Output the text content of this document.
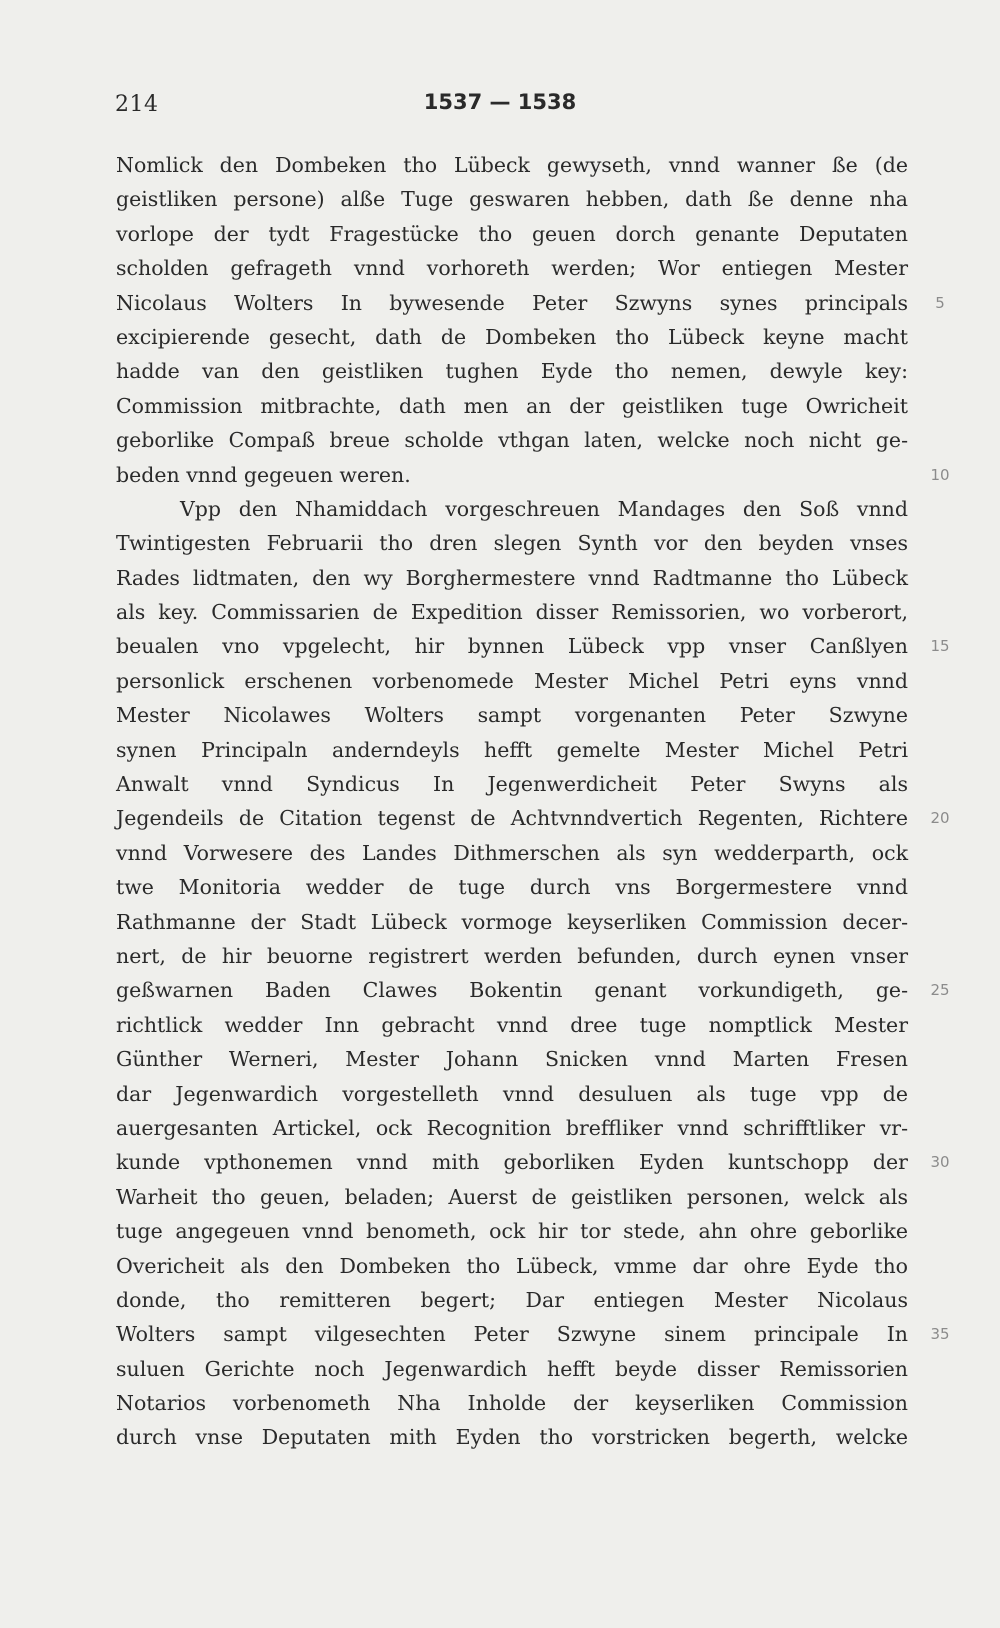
214	1537 — 1538
Nomlick den Dombeken tho Lübeck gewyseth, vnnd wanner ße (de
geistliken persone) alße Tuge geswaren hebben, dath ße denne nha
vorlope der tydt Fragestücke tho geuen dorch genante Deputaten
scholden gefrageth vnnd vorhoreth werden; Wor entiegen Mester
Nicolaus Wolters In bywesende Peter Szwyns synes principals	5
excipierende gesecht, dath de Dombeken tho Lübeck keyne macht
hadde van den geistliken tughen Eyde tho nemen, dewyle key:
Commission mitbrachte, dath men an der geistliken tuge Owricheit
geborlike Compaß breue scholde vthgan laten, welcke noch nicht ge-
beden vnnd gegeuen weren.	10
Vpp den Nhamiddach vorgeschreuen Mandages den Soß vnnd
Twintigesten Februarii tho dren slegen Synth vor den beyden vnses
Rades lidtmaten, den wy Borghermestere vnnd Radtmanne tho Lübeck
als key. Commissarien de Expedition disser Remissorien, wo vorberort,
beualen vno vpgelecht, hir bynnen Lübeck vpp vnser Canßlyen	15
personlick erschenen vorbenomede Mester Michel Petri eyns vnnd
Mester Nicolawes Wolters sampt vorgenanten Peter Szwyne
synen Principaln anderndeyls hefft gemelte Mester Michel Petri
Anwalt vnnd Syndicus In Jegenwerdicheit Peter Swyns als
Jegendeils de Citation tegenst de Achtvnndvertich Regenten, Richtere	20
vnnd Vorwesere des Landes Dithmerschen als syn wedderparth, ock
twe Monitoria wedder de tuge durch vns Borgermestere vnnd
Rathmanne der Stadt Lübeck vormoge keyserliken Commission decer-
nert, de hir beuorne registrert werden befunden, durch eynen vnser
geßwarnen Baden Clawes Bokentin genant vorkundigeth, ge-	25
richtlick wedder Inn gebracht vnnd dree tuge nomptlick Mester
Günther Werneri, Mester Johann Snicken vnnd Marten Fresen
dar Jegenwardich vorgestelleth vnnd desuluen als tuge vpp de
auergesanten Artickel, ock Recognition breffliker vnnd schrifftliker vr-
kunde vpthonemen vnnd mith geborliken Eyden kuntschopp der	30
Warheit tho geuen, beladen; Auerst de geistliken personen, welck als
tuge angegeuen vnnd benometh, ock hir tor stede, ahn ohre geborlike
Overicheit als den Dombeken tho Lübeck, vmme dar ohre Eyde tho
donde, tho remitteren begert; Dar entiegen Mester Nicolaus
Wolters sampt vilgesechten Peter Szwyne sinem principale In	35
suluen Gerichte noch Jegenwardich hefft beyde disser Remissorien
Notarios vorbenometh Nha Inholde der keyserliken Commission
durch vnse Deputaten mith Eyden tho vorstricken begerth, welcke
